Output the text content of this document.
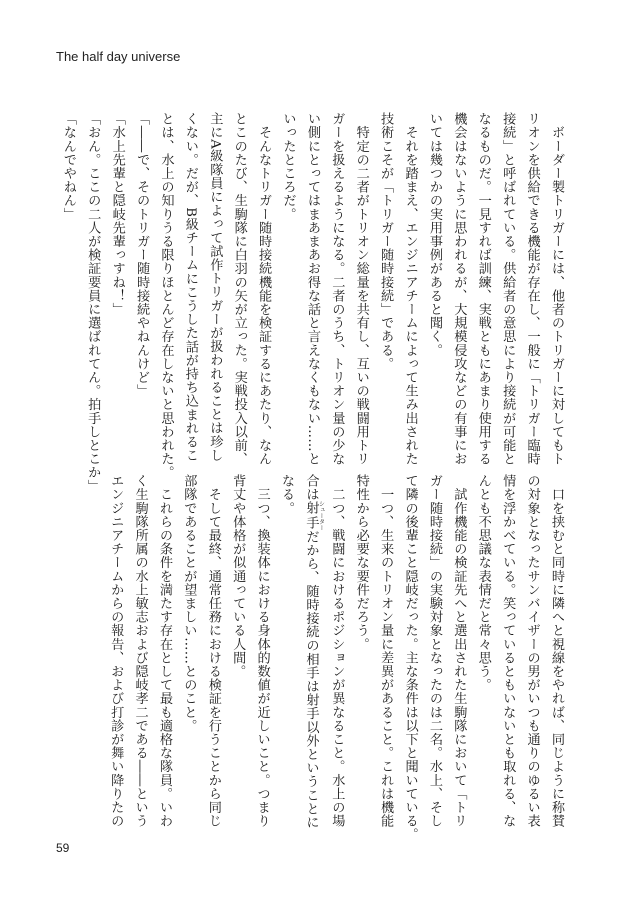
The half day universe
　ボーダー製トリガーには、他者のトリガーに対してもト
リオンを供給できる機能が存在し、一般に「トリガー臨時
接続」と呼ばれている。供給者の意思により接続が可能と
なるものだ。一見すれば訓練、実戦ともにあまり使用する
機会はないように思われるが、大規模侵攻などの有事にお
いては幾つかの実用事例があると聞く。
　それを踏まえ、エンジニアチームによって生み出された
技術こそが「トリガー随時接続」である。
　特定の二者がトリオン総量を共有し、互いの戦闘用トリ
ガーを扱えるようになる。二者のうち、トリオン量の少な
い側にとってはまあまあお得な話と言えなくもない……と
いったところだ。
　そんなトリガー随時接続機能を検証するにあたり、なん
とこのたび、生駒隊に白羽の矢が立った。実戦投入以前、
主にA級隊員によって試作トリガーが扱われることは珍し
くない。だが、B級チームにこうした話が持ち込まれるこ
とは、水上の知りうる限りほとんど存在しないと思われた。
「――で、そのトリガー随時接続やねんけど」
「水上先輩と隠岐先輩っすね！」
「おん。ここの二人が検証要員に選ばれてん。拍手しとこか」
「なんでやねん」
　口を挟むと同時に隣へと視線をやれば、同じように称賛
の対象となったサンバイザーの男がいつも通りのゆるい表
情を浮かべている。笑っているともいないとも取れる、な
んとも不思議な表情だと常々思う。
　試作機能の検証先へと選出された生駒隊において「トリ
ガー随時接続」の実験対象となったのは二名。水上、そし
て隣の後輩こと隠岐だった。主な条件は以下と聞いている。
　一つ、生来のトリオン量に差異があること。これは機能
特性から必要な要件だろう。
　二つ、戦闘におけるポジションが異なること。水上の場
合は射手 シューターだから、随時接続の相手は射手以外ということに
なる。
　三つ、換装体における身体的数値が近しいこと。つまり
背丈や体格が似通っている人間。
　そして最終、通常任務における検証を行うことから同じ
部隊であることが望ましい……とのこと。
　これらの条件を満たす存在として最も適格な隊員。いわ
く生駒隊所属の水上敏志および隠岐孝二である――という
エンジニアチームからの報告、および打診が舞い降りたの
59
